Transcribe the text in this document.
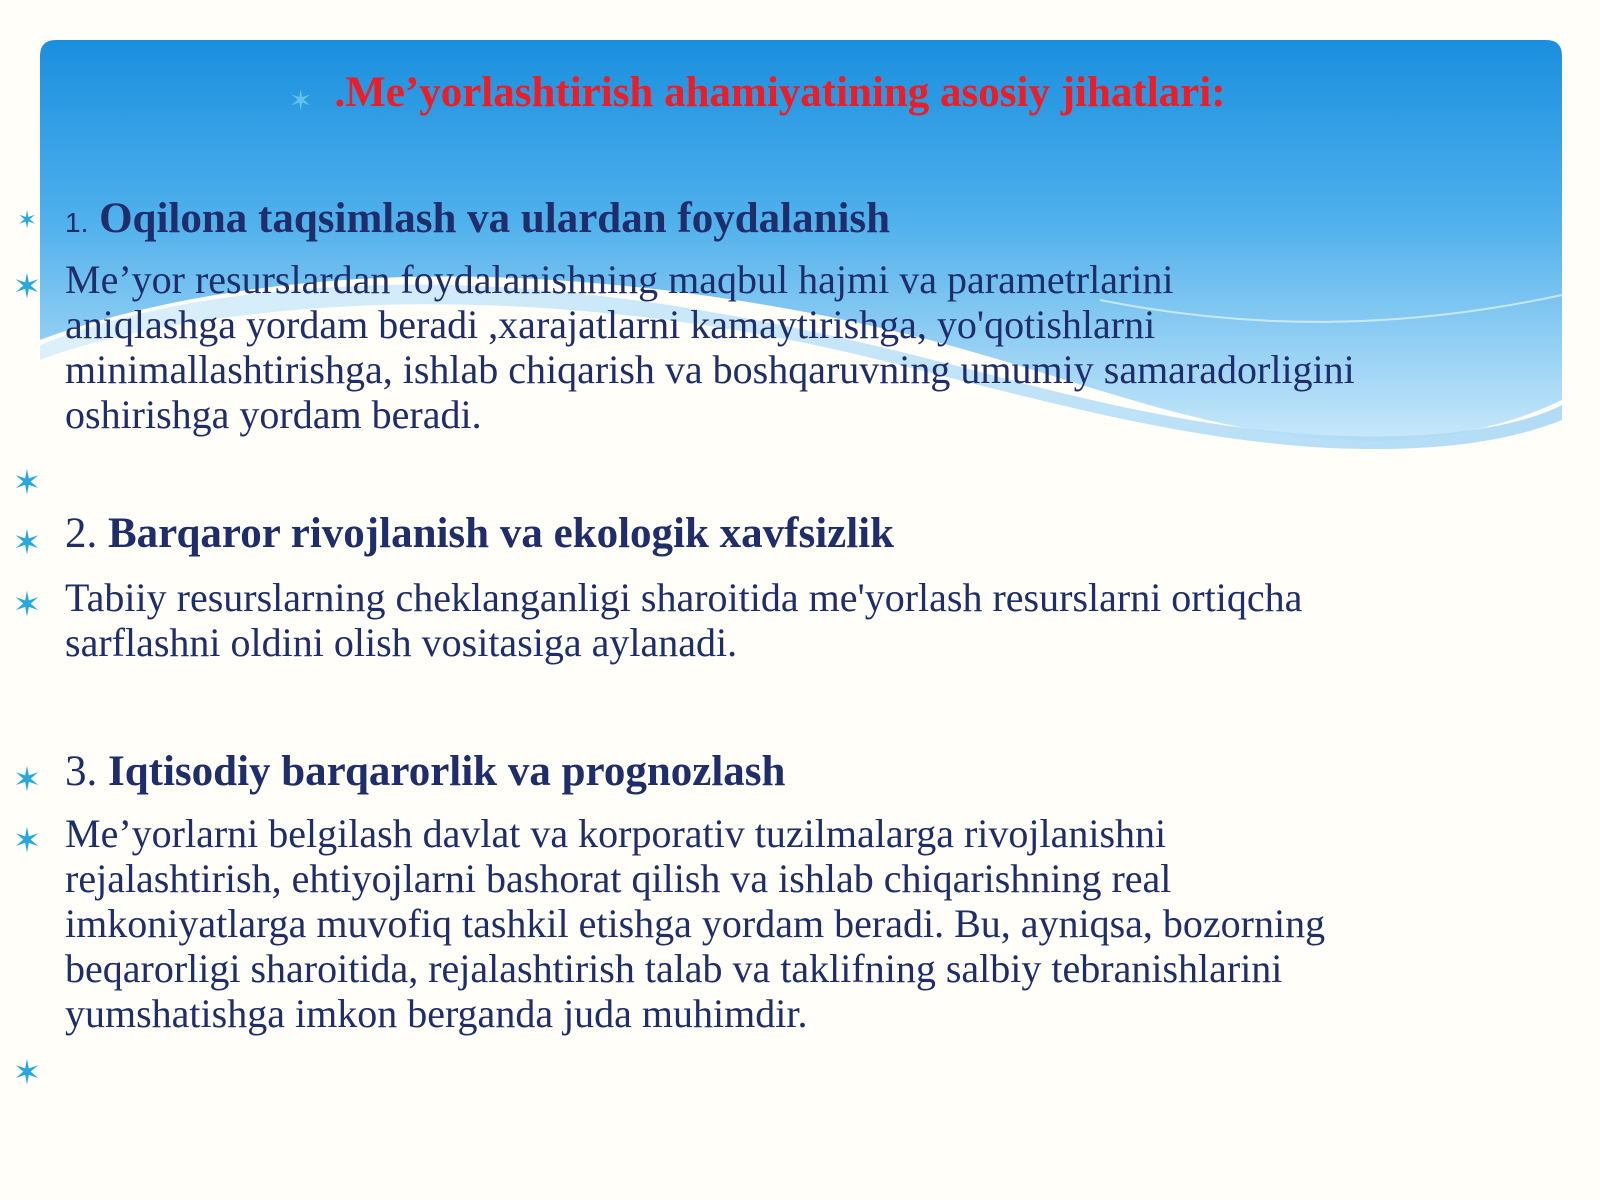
✶ .Me’yorlashtirish ahamiyatining asosiy jihatlari:
✶ 1. Oqilona taqsimlash va ulardan foydalanish
✶ Me’yor resurslardan foydalanishning maqbul hajmi va parametrlarini
aniqlashga yordam beradi ,xarajatlarni kamaytirishga, yo'qotishlarni
minimallashtirishga, ishlab chiqarish va boshqaruvning umumiy samaradorligini
oshirishga yordam beradi.

✶
✶ 2. Barqaror rivojlanish va ekologik xavfsizlik
✶ Tabiiy resurslarning cheklanganligi sharoitida me'yorlash resurslarni ortiqcha
sarflashni oldini olish vositasiga aylanadi.

✶ 3. Iqtisodiy barqarorlik va prognozlash
✶ Me’yorlarni belgilash davlat va korporativ tuzilmalarga rivojlanishni
rejalashtirish, ehtiyojlarni bashorat qilish va ishlab chiqarishning real
imkoniyatlarga muvofiq tashkil etishga yordam beradi. Bu, ayniqsa, bozorning
beqarorligi sharoitida, rejalashtirish talab va taklifning salbiy tebranishlarini
yumshatishga imkon berganda juda muhimdir.

✶
